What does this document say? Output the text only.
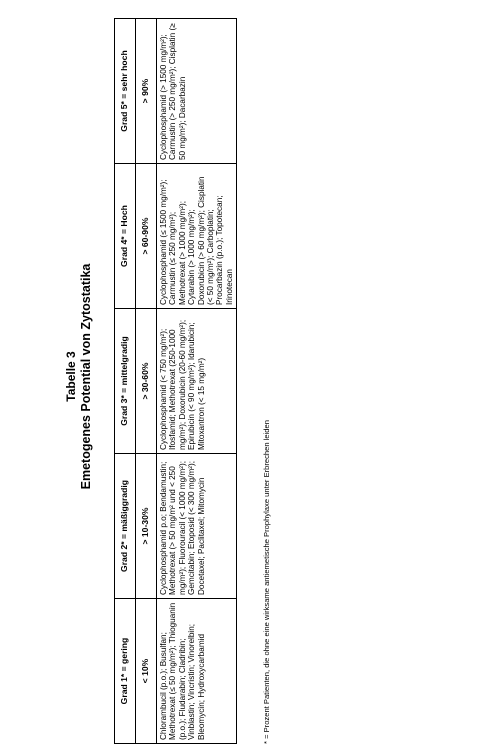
Tabelle 3 Emetogenes Potential von Zytostatika
Grad 1* = gering	Grad 2* = mäßiggradig	Grad 3* = mittelgradig	Grad 4* = Hoch	Grad 5* = sehr hoch
< 10%	> 10-30%	> 30-60%	> 60-90%	> 90%
Chlorambucil (p.o.); Busulfan; Methotrexat (≤ 50 mg/m²); Thioguanin (p.o.); Fludarabin; Cladribin; Vinblastin; Vincristin; Vinorelbin; Bleomycin; Hydroxycarbamid	Cyclophosphamid p.o; Bendamustin; Methotrexat (> 50 mg/m² und < 250 mg/m²); Fluorouracil (< 1000 mg/m²); Gemcitabin; Etoposid (< 300 mg/m²); Docetaxel; Paclitaxel; Mitomycin	Cyclophosphamid (< 750 mg/m²); Ifosfamid; Methotrexat (250-1000 mg/m²); Doxorubicin (20-60 mg/m²); Epirubicin (< 90 mg/m²); Idarubicin; Mitoxantron (< 15 mg/m²)	Cyclophosphamid (≤ 1500 mg/m²); Carmustin (≤ 250 mg/m²); Methotrexat (> 1000 mg/m²); Cytarabin (> 1000 mg/m²); Doxorubicin (> 60 mg/m²); Cisplatin (< 50 mg/m²); Carboplatin; Procarbazin (p.o.); Topotecan; Irinotecan	Cyclophosphamid (> 1500 mg/m²); Carmustin (> 250 mg/m²); Cisplatin (≥ 50 mg/m²); Dacarbazin
* = Prozent Patienten, die ohne eine wirksame antiemetische Prophylaxe unter Erbrechen leiden
